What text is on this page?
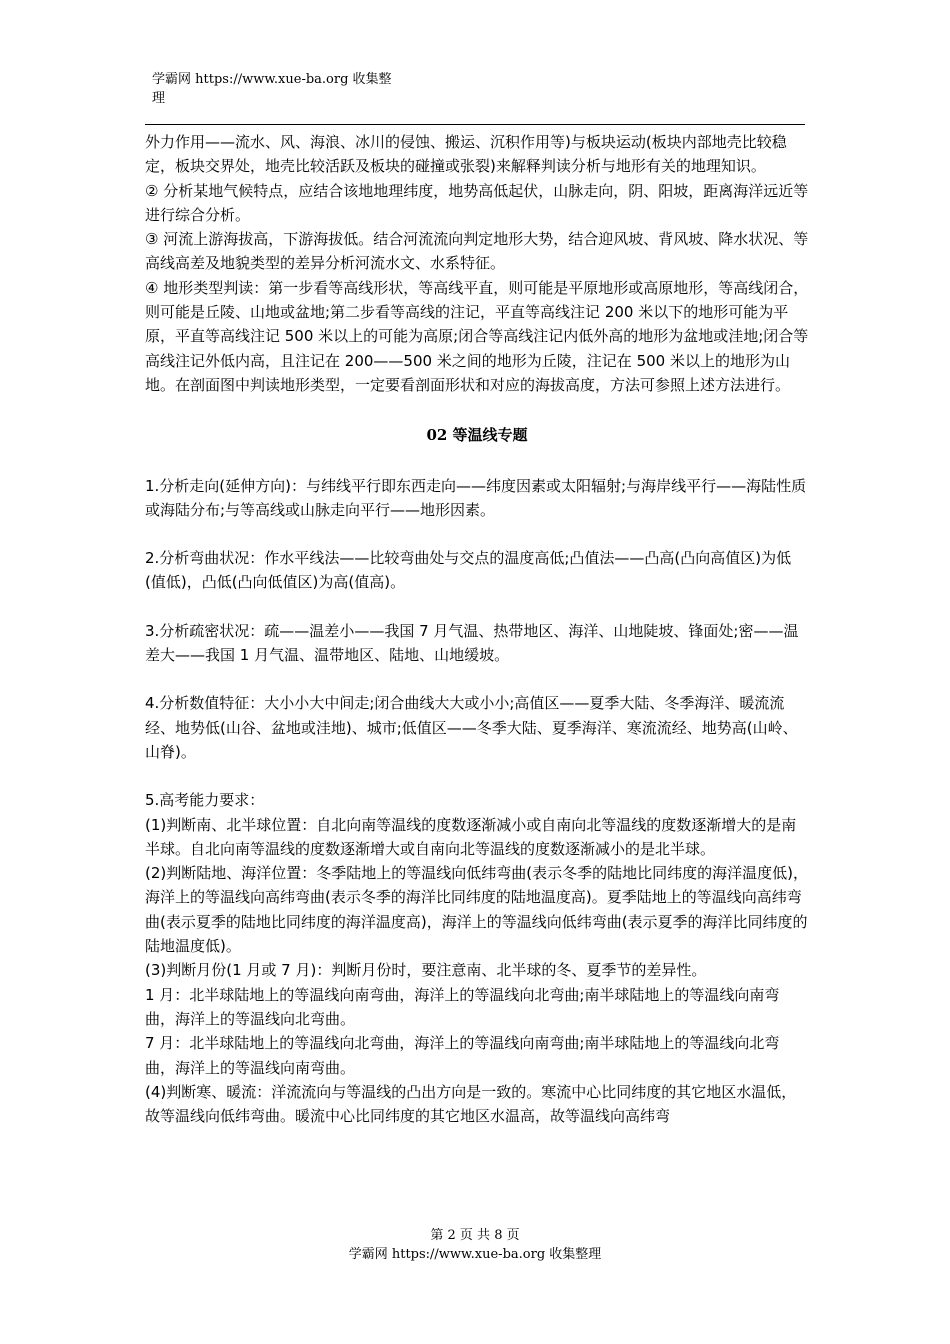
学霸网 https://www.xue-ba.org 收集整理

外力作用——流水、风、海浪、冰川的侵蚀、搬运、沉积作用等)与板块运动(板块内部地壳比较稳定，板块交界处，地壳比较活跃及板块的碰撞或张裂)来解释判读分析与地形有关的地理知识。

② 分析某地气候特点，应结合该地地理纬度，地势高低起伏，山脉走向，阴、阳坡，距离海洋远近等进行综合分析。

③ 河流上游海拔高，下游海拔低。结合河流流向判定地形大势，结合迎风坡、背风坡、降水状况、等高线高差及地貌类型的差异分析河流水文、水系特征。

④ 地形类型判读：第一步看等高线形状，等高线平直，则可能是平原地形或高原地形，等高线闭合，则可能是丘陵、山地或盆地;第二步看等高线的注记，平直等高线注记 200 米以下的地形可能为平原，平直等高线注记 500 米以上的可能为高原;闭合等高线注记内低外高的地形为盆地或洼地;闭合等高线注记外低内高，且注记在 200——500 米之间的地形为丘陵，注记在 500 米以上的地形为山地。在剖面图中判读地形类型，一定要看剖面形状和对应的海拔高度，方法可参照上述方法进行。

02 等温线专题

1.分析走向(延伸方向)：与纬线平行即东西走向——纬度因素或太阳辐射;与海岸线平行——海陆性质或海陆分布;与等高线或山脉走向平行——地形因素。

2.分析弯曲状况：作水平线法——比较弯曲处与交点的温度高低;凸值法——凸高(凸向高值区)为低(值低)，凸低(凸向低值区)为高(值高)。

3.分析疏密状况：疏——温差小——我国 7 月气温、热带地区、海洋、山地陡坡、锋面处;密——温差大——我国 1 月气温、温带地区、陆地、山地缓坡。

4.分析数值特征：大小小大中间走;闭合曲线大大或小小;高值区——夏季大陆、冬季海洋、暖流流经、地势低(山谷、盆地或洼地)、城市;低值区——冬季大陆、夏季海洋、寒流流经、地势高(山岭、山脊)。

5.高考能力要求：

(1)判断南、北半球位置：自北向南等温线的度数逐渐减小或自南向北等温线的度数逐渐增大的是南半球。自北向南等温线的度数逐渐增大或自南向北等温线的度数逐渐减小的是北半球。

(2)判断陆地、海洋位置：冬季陆地上的等温线向低纬弯曲(表示冬季的陆地比同纬度的海洋温度低)，海洋上的等温线向高纬弯曲(表示冬季的海洋比同纬度的陆地温度高)。夏季陆地上的等温线向高纬弯曲(表示夏季的陆地比同纬度的海洋温度高)，海洋上的等温线向低纬弯曲(表示夏季的海洋比同纬度的陆地温度低)。

(3)判断月份(1 月或 7 月)：判断月份时，要注意南、北半球的冬、夏季节的差异性。

1 月：北半球陆地上的等温线向南弯曲，海洋上的等温线向北弯曲;南半球陆地上的等温线向南弯曲，海洋上的等温线向北弯曲。

7 月：北半球陆地上的等温线向北弯曲，海洋上的等温线向南弯曲;南半球陆地上的等温线向北弯曲，海洋上的等温线向南弯曲。

(4)判断寒、暖流：洋流流向与等温线的凸出方向是一致的。寒流中心比同纬度的其它地区水温低，故等温线向低纬弯曲。暖流中心比同纬度的其它地区水温高，故等温线向高纬弯

第 2 页 共 8 页
学霸网 https://www.xue-ba.org 收集整理
